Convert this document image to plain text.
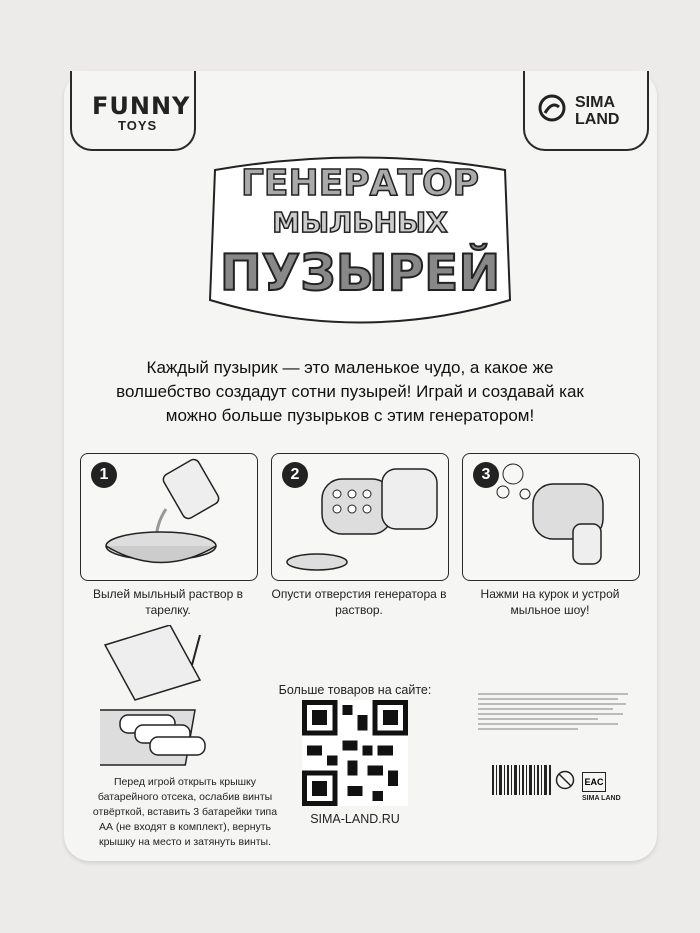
FUNNY
TOYS
SIMA LAND
ГЕНЕРАТОР
МЫЛЬНЫХ
ПУЗЫРЕЙ
Каждый пузырик — это маленькое чудо, а какое же волшебство создадут сотни пузырей! Играй и создавай как можно больше пузырьков с этим генератором!
1	2	3
Вылей мыльный раствор в тарелку.
Опусти отверстия генератора в раствор.
Нажми на курок и устрой мыльное шоу!
Перед игрой открыть крышку батарейного отсека, ослабив винты отвёрткой, вставить 3 батарейки типа АА (не входят в комплект), вернуть крышку на место и затянуть винты.
Больше товаров на сайте:
SIMA-LAND.RU
EAC
SIMA LAND
